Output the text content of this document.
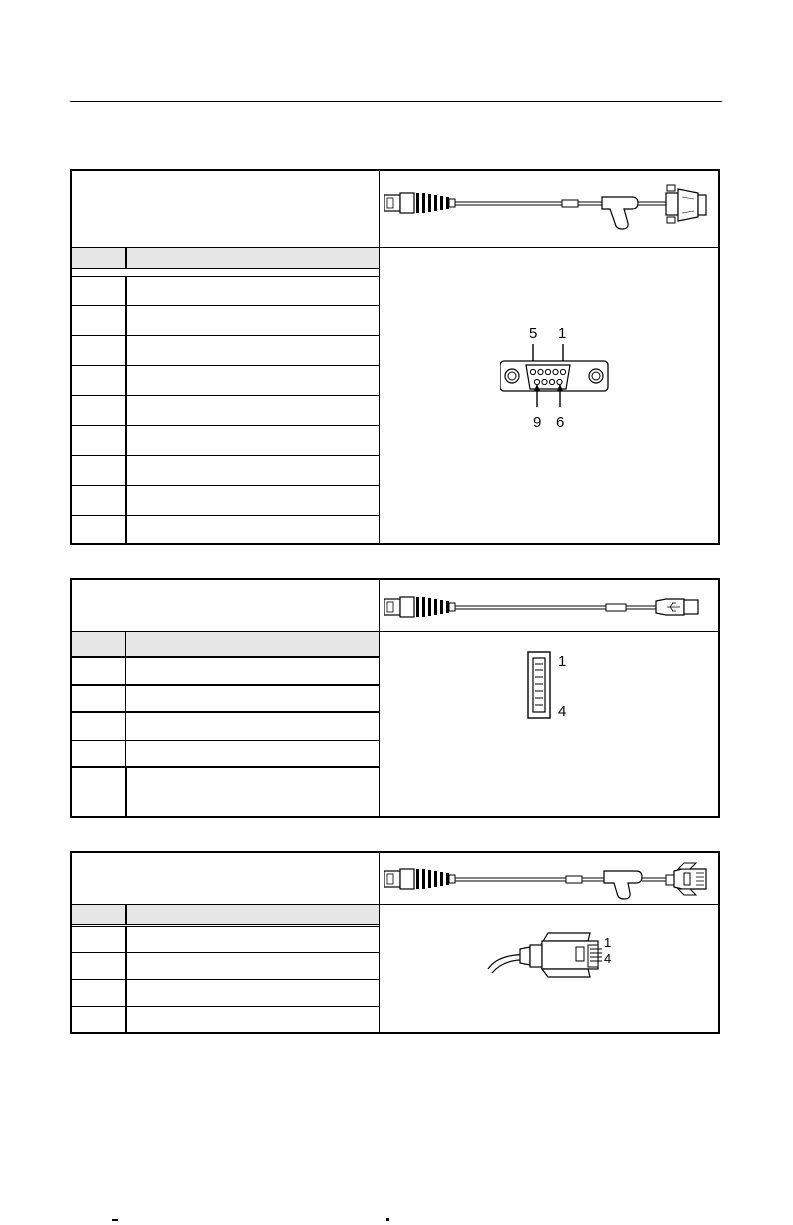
5 1
9 6
1
4
1
4
